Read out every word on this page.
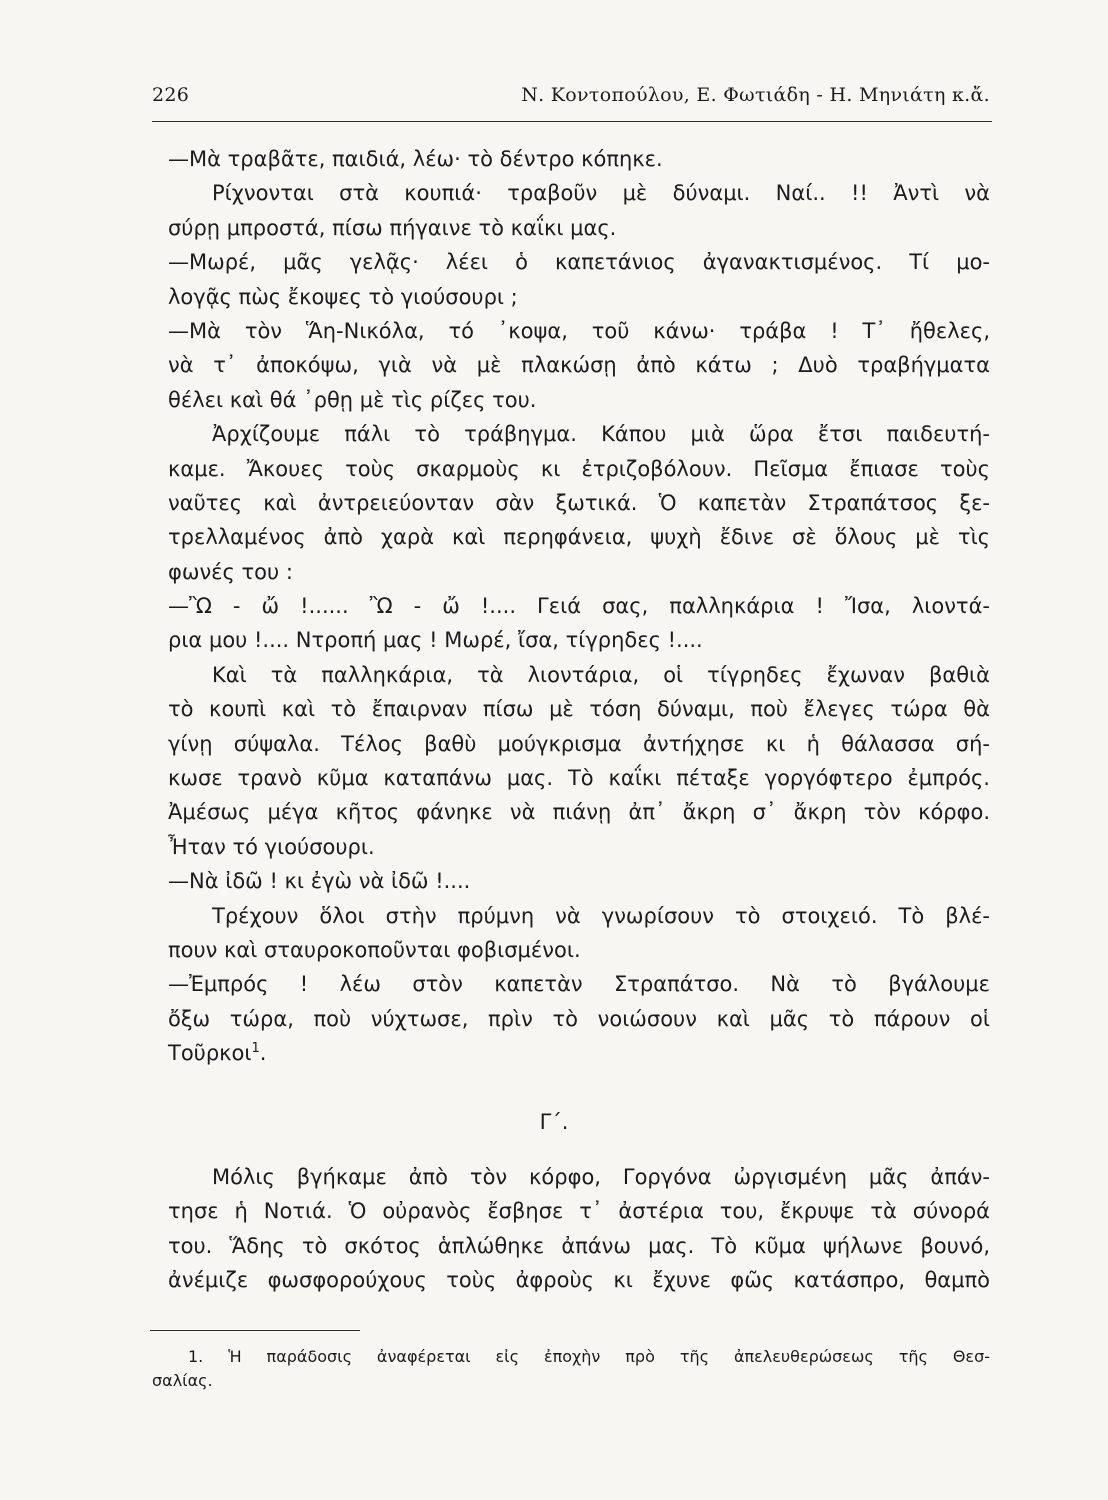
226	Ν. Κοντοπούλου, Ε. Φωτιάδη - Η. Μηνιάτη κ.ἄ.
—Μὰ τραβᾶτε, παιδιά, λέω· τὸ δέντρο κόπηκε.
Ρίχνονται στὰ κουπιά· τραβοῦν μὲ δύναμι. Ναί.. !! Ἀντὶ νὰ
σύρῃ μπροστά, πίσω πήγαινε τὸ καΐκι μας.
—Μωρέ, μᾶς γελᾷς· λέει ὁ καπετάνιος ἀγανακτισμένος. Τί μο-
λογᾷς πὼς ἔκοψες τὸ γιούσουρι ;
—Μὰ τὸν Ἅη-Νικόλα, τό ᾽κοψα, τοῦ κάνω· τράβα ! Τ᾽ ἤθελες,
νὰ τ᾽ ἀποκόψω, γιὰ νὰ μὲ πλακώσῃ ἀπὸ κάτω ; Δυὸ τραβήγματα
θέλει καὶ θά ᾽ρθῃ μὲ τὶς ρίζες του.
Ἀρχίζουμε πάλι τὸ τράβηγμα. Κάπου μιὰ ὥρα ἔτσι παιδευτή-
καμε. Ἄκουες τοὺς σκαρμοὺς κι ἐτριζοβόλουν. Πεῖσμα ἔπιασε τοὺς
ναῦτες καὶ ἀντρειεύονταν σὰν ξωτικά. Ὁ καπετὰν Στραπάτσος ξε-
τρελλαμένος ἀπὸ χαρὰ καὶ περηφάνεια, ψυχὴ ἔδινε σὲ ὅλους μὲ τὶς
φωνές του :
—Ὢ - ὤ !...... Ὢ - ὤ !.... Γειά σας, παλληκάρια ! Ἴσα, λιοντά-
ρια μου !.... Ντροπή μας ! Μωρέ, ἴσα, τίγρηδες !....
Καὶ τὰ παλληκάρια, τὰ λιοντάρια, οἱ τίγρηδες ἔχωναν βαθιὰ
τὸ κουπὶ καὶ τὸ ἔπαιρναν πίσω μὲ τόση δύναμι, ποὺ ἔλεγες τώρα θὰ
γίνῃ σύψαλα. Τέλος βαθὺ μούγκρισμα ἀντήχησε κι ἡ θάλασσα σή-
κωσε τρανὸ κῦμα καταπάνω μας. Τὸ καΐκι πέταξε γοργόφτερο ἐμπρός.
Ἀμέσως μέγα κῆτος φάνηκε νὰ πιάνῃ ἀπ᾽ ἄκρη σ᾽ ἄκρη τὸν κόρφο.
Ἦταν τό γιούσουρι.
—Νὰ ἰδῶ ! κι ἐγὼ νὰ ἰδῶ !....
Τρέχουν ὅλοι στὴν πρύμνη νὰ γνωρίσουν τὸ στοιχειό. Τὸ βλέ-
πουν καὶ σταυροκοποῦνται φοβισμένοι.
—Ἐμπρός ! λέω στὸν καπετὰν Στραπάτσο. Νὰ τὸ βγάλουμε
ὄξω τώρα, ποὺ νύχτωσε, πρὶν τὸ νοιώσουν καὶ μᾶς τὸ πάρουν οἱ
Τοῦρκοι$^1$.
Γ΄.
Μόλις βγήκαμε ἀπὸ τὸν κόρφο, Γοργόνα ὠργισμένη μᾶς ἀπάν-
τησε ἡ Νοτιά. Ὁ οὐρανὸς ἔσβησε τ᾽ ἀστέρια του, ἔκρυψε τὰ σύνορά
του. Ἅδης τὸ σκότος ἁπλώθηκε ἀπάνω μας. Τὸ κῦμα ψήλωνε βουνό,
ἀνέμιζε φωσφορούχους τοὺς ἀφροὺς κι ἔχυνε φῶς κατάσπρο, θαμπὸ
1. Ἡ παράδοσις ἀναφέρεται εἰς ἐποχὴν πρὸ τῆς ἀπελευθερώσεως τῆς Θεσ-
σαλίας.
